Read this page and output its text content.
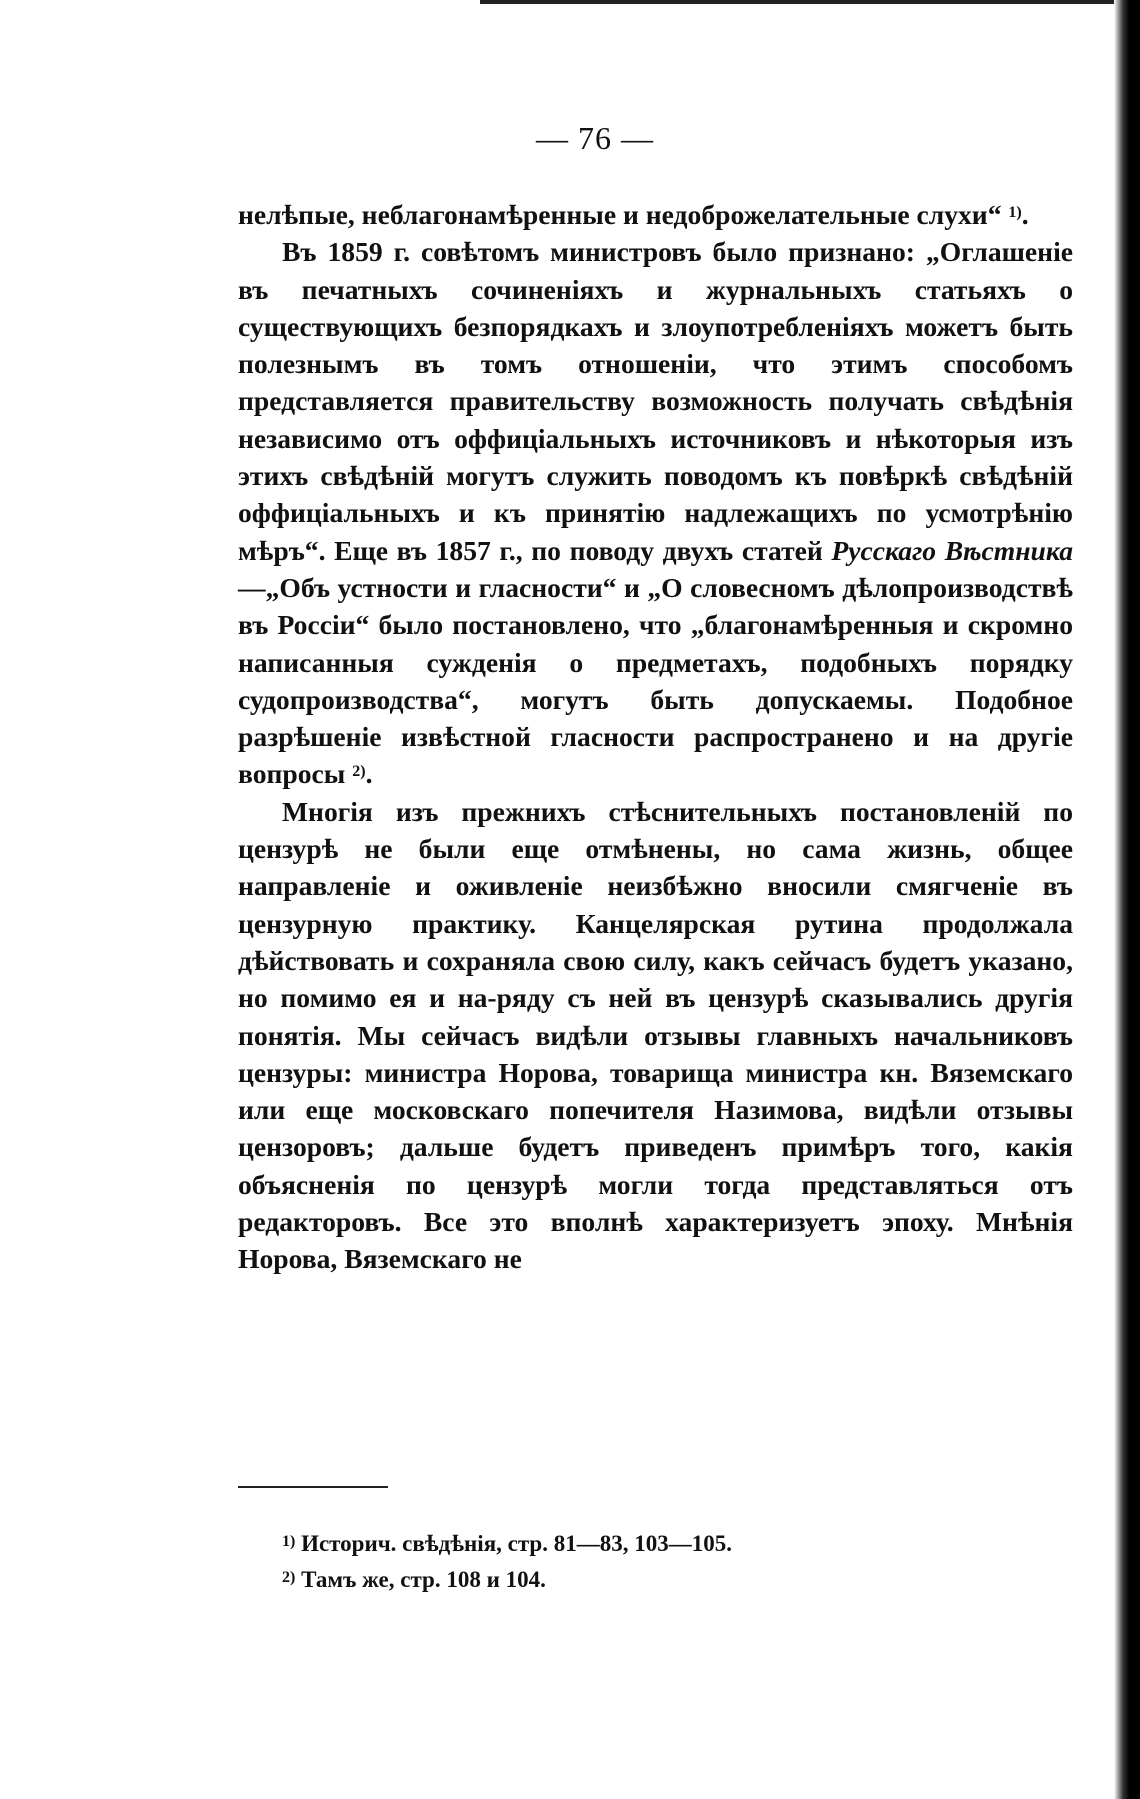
— 76 —

нелѣпые, неблагонамѣренные и недоброжелательные слухи“ $^{1)}$.

Въ 1859 г. совѣтомъ министровъ было признано: „Оглашеніе въ печатныхъ сочиненіяхъ и журнальныхъ статьяхъ о существующихъ безпорядкахъ и злоупотребленіяхъ можетъ быть полезнымъ въ томъ отношеніи, что этимъ способомъ представляется правительству возможность получать свѣдѣнія независимо отъ оффиціальныхъ источниковъ и нѣкоторыя изъ этихъ свѣдѣній могутъ служить поводомъ къ повѣркѣ свѣдѣній оффиціальныхъ и къ принятію надлежащихъ по усмотрѣнію мѣръ“. Еще въ 1857 г., по поводу двухъ статей Русскаго Вѣстника—„Объ устности и гласности“ и „О словесномъ дѣлопроизводствѣ въ Россіи“ было постановлено, что „благонамѣренныя и скромно написанныя сужденія о предметахъ, подобныхъ порядку судопроизводства“, могутъ быть допускаемы. Подобное разрѣшеніе извѣстной гласности распространено и на другіе вопросы $^{2)}$.

Многія изъ прежнихъ стѣснительныхъ постановленій по цензурѣ не были еще отмѣнены, но сама жизнь, общее направленіе и оживленіе неизбѣжно вносили смягченіе въ цензурную практику. Канцелярская рутина продолжала дѣйствовать и сохраняла свою силу, какъ сейчасъ будетъ указано, но помимо ея и на-ряду съ ней въ цензурѣ сказывались другія понятія. Мы сейчасъ видѣли отзывы главныхъ начальниковъ цензуры: министра Норова, товарища министра кн. Вяземскаго или еще московскаго попечителя Назимова, видѣли отзывы цензоровъ; дальше будетъ приведенъ примѣръ того, какія объясненія по цензурѣ могли тогда представляться отъ редакторовъ. Все это вполнѣ характеризуетъ эпоху. Мнѣнія Норова, Вяземскаго не

$^{1)}$ Историч. свѣдѣнія, стр. 81—83, 103—105.
$^{2)}$ Тамъ же, стр. 108 и 104.
